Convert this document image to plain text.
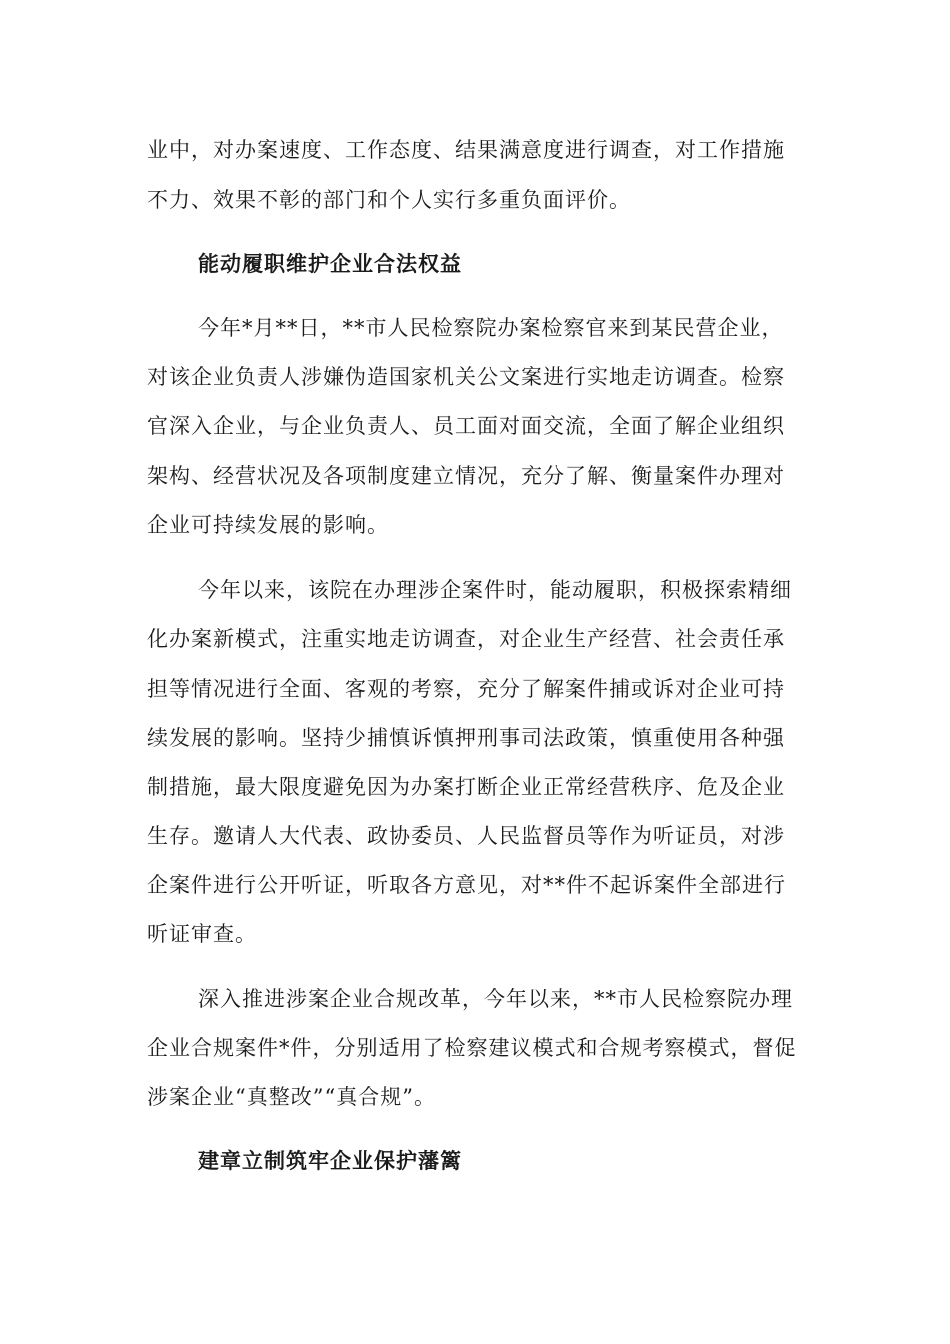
业中，对办案速度、工作态度、结果满意度进行调查，对工作措施
不力、效果不彰的部门和个人实行多重负面评价。
能动履职维护企业合法权益
今年*月**日，**市人民检察院办案检察官来到某民营企业，
对该企业负责人涉嫌伪造国家机关公文案进行实地走访调查。检察
官深入企业，与企业负责人、员工面对面交流，全面了解企业组织
架构、经营状况及各项制度建立情况，充分了解、衡量案件办理对
企业可持续发展的影响。
今年以来，该院在办理涉企案件时，能动履职，积极探索精细
化办案新模式，注重实地走访调查，对企业生产经营、社会责任承
担等情况进行全面、客观的考察，充分了解案件捕或诉对企业可持
续发展的影响。坚持少捕慎诉慎押刑事司法政策，慎重使用各种强
制措施，最大限度避免因为办案打断企业正常经营秩序、危及企业
生存。邀请人大代表、政协委员、人民监督员等作为听证员，对涉
企案件进行公开听证，听取各方意见，对**件不起诉案件全部进行
听证审查。
深入推进涉案企业合规改革，今年以来，**市人民检察院办理
企业合规案件*件，分别适用了检察建议模式和合规考察模式，督促
涉案企业“真整改”“真合规”。
建章立制筑牢企业保护藩篱
